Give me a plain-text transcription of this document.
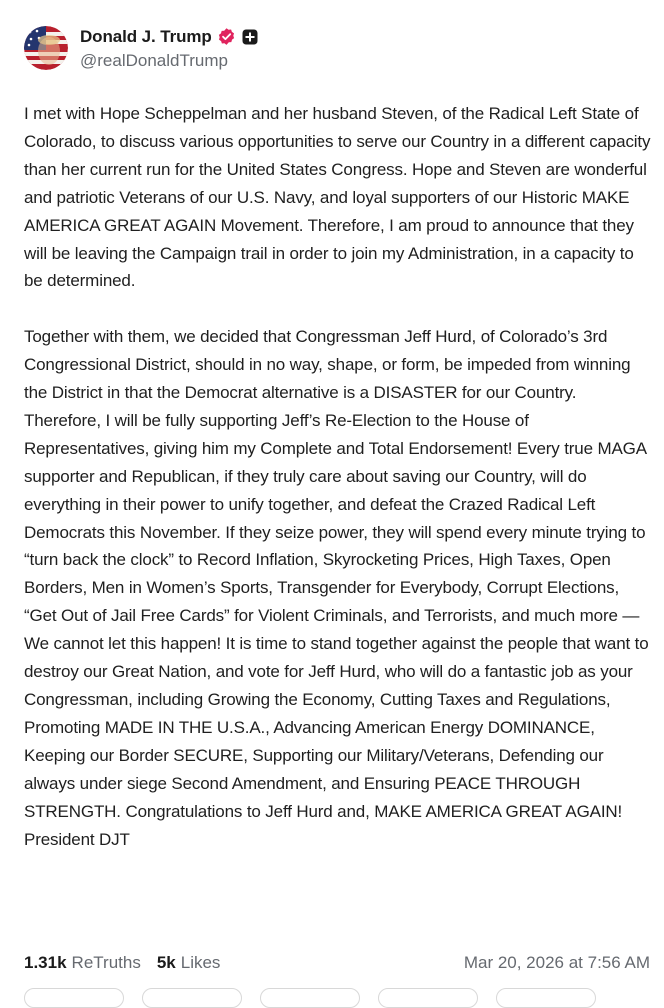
Donald J. Trump
@realDonaldTrump

I met with Hope Scheppelman and her husband Steven, of the Radical Left State of Colorado, to discuss various opportunities to serve our Country in a different capacity than her current run for the United States Congress. Hope and Steven are wonderful and patriotic Veterans of our U.S. Navy, and loyal supporters of our Historic MAKE AMERICA GREAT AGAIN Movement. Therefore, I am proud to announce that they will be leaving the Campaign trail in order to join my Administration, in a capacity to be determined.

Together with them, we decided that Congressman Jeff Hurd, of Colorado’s 3rd Congressional District, should in no way, shape, or form, be impeded from winning the District in that the Democrat alternative is a DISASTER for our Country. Therefore, I will be fully supporting Jeff’s Re-Election to the House of Representatives, giving him my Complete and Total Endorsement! Every true MAGA supporter and Republican, if they truly care about saving our Country, will do everything in their power to unify together, and defeat the Crazed Radical Left Democrats this November. If they seize power, they will spend every minute trying to “turn back the clock” to Record Inflation, Skyrocketing Prices, High Taxes, Open Borders, Men in Women’s Sports, Transgender for Everybody, Corrupt Elections, “Get Out of Jail Free Cards” for Violent Criminals, and Terrorists, and much more — We cannot let this happen! It is time to stand together against the people that want to destroy our Great Nation, and vote for Jeff Hurd, who will do a fantastic job as your Congressman, including Growing the Economy, Cutting Taxes and Regulations, Promoting MADE IN THE U.S.A., Advancing American Energy DOMINANCE, Keeping our Border SECURE, Supporting our Military/Veterans, Defending our always under siege Second Amendment, and Ensuring PEACE THROUGH STRENGTH. Congratulations to Jeff Hurd and, MAKE AMERICA GREAT AGAIN! President DJT

1.31k ReTruths 5k Likes	Mar 20, 2026 at 7:56 AM
